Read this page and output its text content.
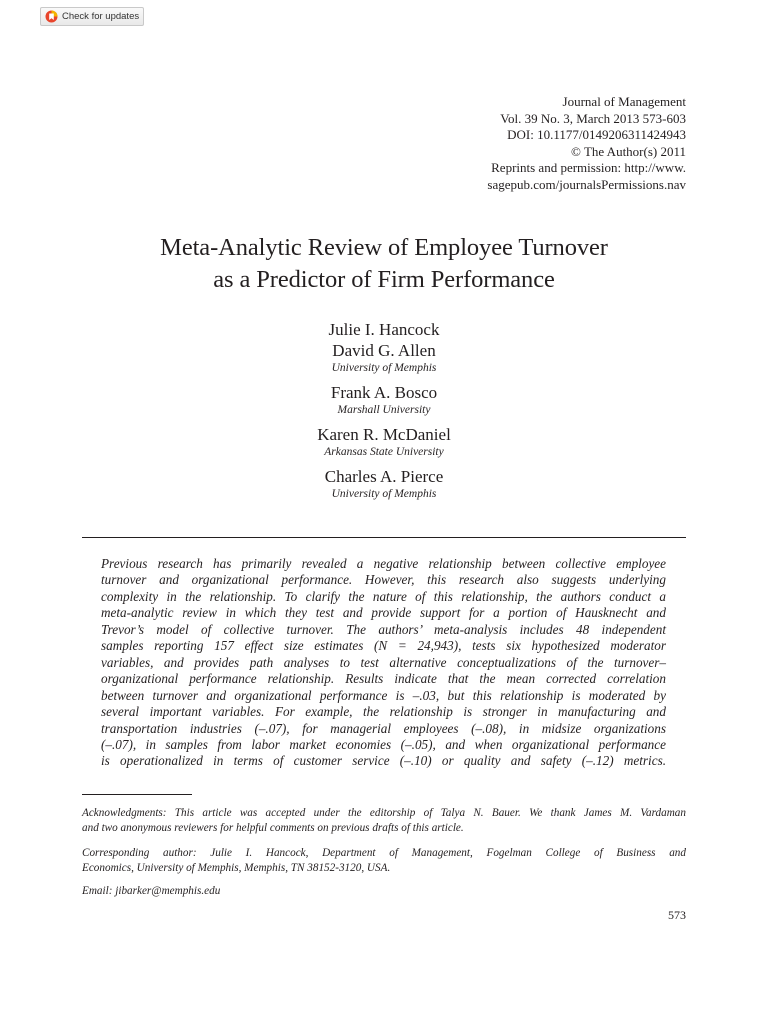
Check for updates
Journal of Management
Vol. 39 No. 3, March 2013 573-603
DOI: 10.1177/0149206311424943
© The Author(s) 2011
Reprints and permission: http://www.
sagepub.com/journalsPermissions.nav
Meta-Analytic Review of Employee Turnover
as a Predictor of Firm Performance
Julie I. Hancock
David G. Allen
University of Memphis
Frank A. Bosco
Marshall University
Karen R. McDaniel
Arkansas State University
Charles A. Pierce
University of Memphis
Previous research has primarily revealed a negative relationship between collective employee
turnover and organizational performance. However, this research also suggests underlying
complexity in the relationship. To clarify the nature of this relationship, the authors conduct a
meta-analytic review in which they test and provide support for a portion of Hausknecht and
Trevor’s model of collective turnover. The authors’ meta-analysis includes 48 independent
samples reporting 157 effect size estimates (N = 24,943), tests six hypothesized moderator
variables, and provides path analyses to test alternative conceptualizations of the turnover–
organizational performance relationship. Results indicate that the mean corrected correlation
between turnover and organizational performance is –.03, but this relationship is moderated by
several important variables. For example, the relationship is stronger in manufacturing and
transportation industries (–.07), for managerial employees (–.08), in midsize organizations
(–.07), in samples from labor market economies (–.05), and when organizational performance
is operationalized in terms of customer service (–.10) or quality and safety (–.12) metrics.
Acknowledgments: This article was accepted under the editorship of Talya N. Bauer. We thank James M. Vardaman
and two anonymous reviewers for helpful comments on previous drafts of this article.
Corresponding author: Julie I. Hancock, Department of Management, Fogelman College of Business and
Economics, University of Memphis, Memphis, TN 38152-3120, USA.
Email: jibarker@memphis.edu
573
